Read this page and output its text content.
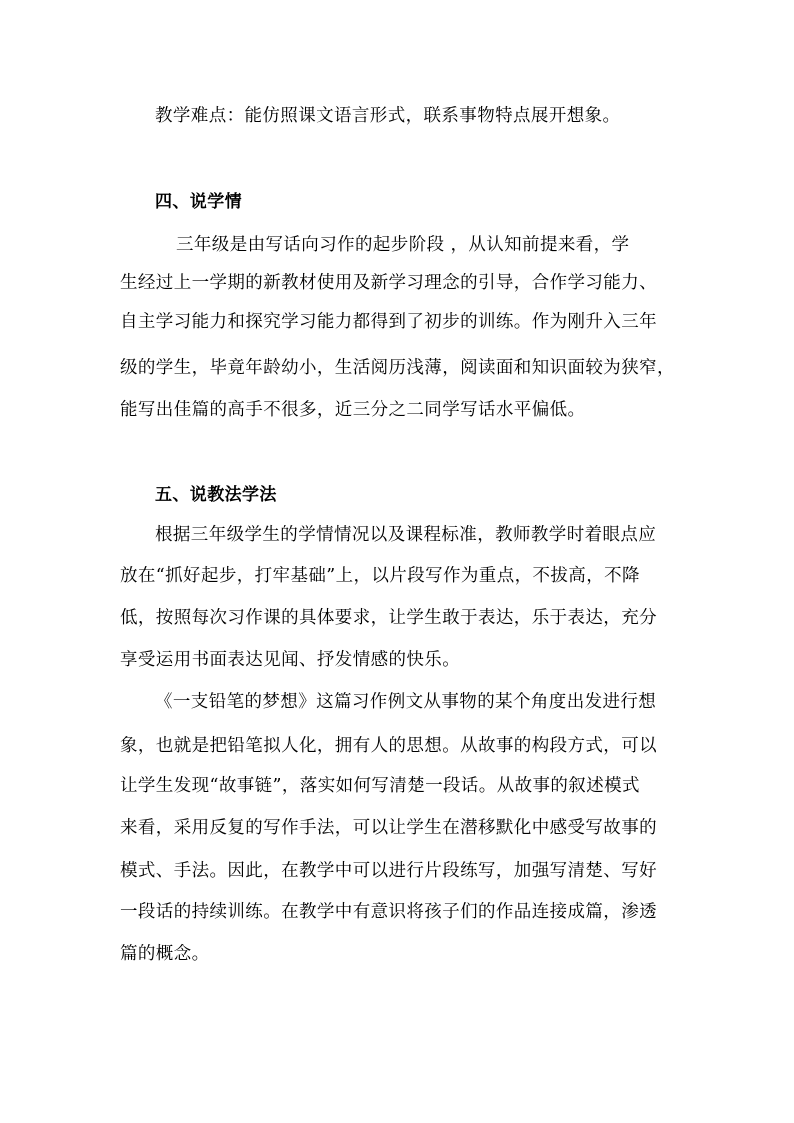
教学难点：能仿照课文语言形式，联系事物特点展开想象。
四、说学情
三年级是由写话向习作的起步阶段 ，从认知前提来看，学
生经过上一学期的新教材使用及新学习理念的引导，合作学习能力、
自主学习能力和探究学习能力都得到了初步的训练。作为刚升入三年
级的学生，毕竟年龄幼小，生活阅历浅薄，阅读面和知识面较为狭窄，
能写出佳篇的高手不很多，近三分之二同学写话水平偏低。
五、说教法学法
根据三年级学生的学情情况以及课程标准，教师教学时着眼点应
放在“抓好起步，打牢基础”上，以片段写作为重点，不拔高，不降
低，按照每次习作课的具体要求，让学生敢于表达，乐于表达，充分
享受运用书面表达见闻、抒发情感的快乐。
《一支铅笔的梦想》这篇习作例文从事物的某个角度出发进行想
象，也就是把铅笔拟人化，拥有人的思想。从故事的构段方式，可以
让学生发现“故事链”，落实如何写清楚一段话。从故事的叙述模式
来看，采用反复的写作手法，可以让学生在潜移默化中感受写故事的
模式、手法。因此，在教学中可以进行片段练写，加强写清楚、写好
一段话的持续训练。在教学中有意识将孩子们的作品连接成篇，渗透
篇的概念。
